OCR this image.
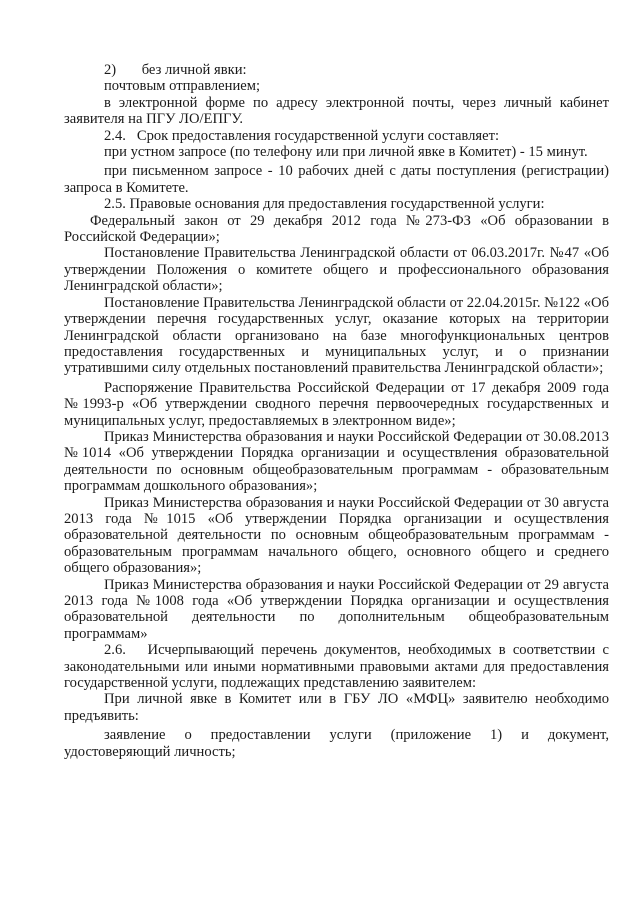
2)       без личной явки:

почтовым отправлением;

в электронной форме по адресу электронной почты, через личный кабинет заявителя на ПГУ ЛО/ЕПГУ.

2.4.   Срок предоставления государственной услуги составляет:

при устном запросе (по телефону или при личной явке в Комитет) - 15 минут.

при письменном запросе - 10 рабочих дней с даты поступления (регистрации) запроса в Комитете.

2.5. Правовые основания для предоставления государственной услуги:

Федеральный закон от 29 декабря 2012 года №273-ФЗ «Об образовании в Российской Федерации»;

Постановление Правительства Ленинградской области от 06.03.2017г. №47 «Об утверждении Положения о комитете общего и профессионального образования Ленинградской области»;

Постановление Правительства Ленинградской области от 22.04.2015г. №122 «Об утверждении перечня государственных услуг, оказание которых на территории Ленинградской области организовано на базе многофункциональных центров предоставления государственных и муниципальных услуг, и о признании утратившими силу отдельных постановлений правительства Ленинградской области»;

Распоряжение Правительства Российской Федерации от 17 декабря 2009 года №1993-р «Об утверждении сводного перечня первоочередных государственных и муниципальных услуг, предоставляемых в электронном виде»;

Приказ Министерства образования и науки Российской Федерации от 30.08.2013 №1014 «Об утверждении Порядка организации и осуществления образовательной деятельности по основным общеобразовательным программам - образовательным программам дошкольного образования»;

Приказ Министерства образования и науки Российской Федерации от 30 августа 2013 года №1015 «Об утверждении Порядка организации и осуществления образовательной деятельности по основным общеобразовательным программам - образовательным программам начального общего, основного общего и среднего общего образования»;

Приказ Министерства образования и науки Российской Федерации от 29 августа 2013 года №1008 года «Об утверждении Порядка организации и осуществления образовательной деятельности по дополнительным общеобразовательным программам»

2.6.   Исчерпывающий перечень документов, необходимых в соответствии с законодательными или иными нормативными правовыми актами для предоставления государственной услуги, подлежащих представлению заявителем:

При личной явке в Комитет или в ГБУ ЛО «МФЦ» заявителю необходимо предъявить:

заявление о предоставлении услуги (приложение 1) и документ, удостоверяющий личность;
